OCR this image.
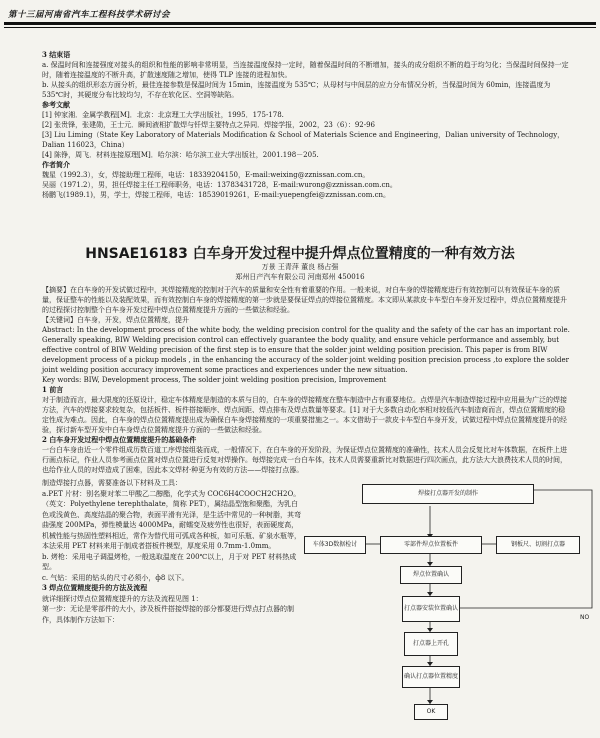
第十三届河南省汽车工程科技学术研讨会

3 结束语

a. 保温时间和连接强度对接头的组织和性能的影响非常明显，当连接温度保持一定时，随着保温时间的不断增加，接头的成分组织不断的趋于均匀化；当保温时间保持一定时，随着连接温度的不断升高，扩散速度随之增加，使得 TLP 连接的进程加快。

b. 从接头的组织形态方面分析，最佳连接参数是保温时间为 15min，连接温度为 535℃；从母材与中间层的应力分布情况分析，当保温时间为 60min，连接温度为 535℃时，其硬度分布比较均匀，不存在软化区、空洞等缺陷。

参考文献

[1] 钟家湘．金属学教程[M]．北京：北京理工大学出版社，1995．175-178.

[2] 张贵锋，张建勋，王士元．瞬间液相扩散焊与钎焊主要特点之异同．焊接学报，2002，23（6）：92-96

[3] Liu Liming（State Key Laboratory of Materials Modification & School of Materials Science and Engineering，Dalian university of Technology，Dalian 116023，China）

[4] 陈铮，周飞．材料连接原理[M]．哈尔滨：哈尔滨工业大学出版社，2001.198－205.

作者简介

魏星（1992.3），女，焊接助理工程师，电话：18339204150，E-mail:weixing@zznissan.com.cn。

吴丽（1971.2），男，担任焊接主任工程师职务，电话：13783431728，E-mail:wurong@zznissan.com.cn。

杨鹏飞(1989.1)，男，学士，焊接工程师，电话：18539019261，E-mail:yuepengfei@zznissan.com.cn。

HNSAE16183 白车身开发过程中提升焊点位置精度的一种有效方法
万景 王青萍 董良 杨占强
郑州日产汽车有限公司 河南郑州 450016

【摘要】在白车身的开发试做过程中，其焊接精度的控制对于汽车的质量和安全性有着重要的作用。一般来说，对白车身的焊接精度进行有效控制可以有效保证车身的质量，保证整车的性能以及装配效果，而有效控制白车身的焊接精度的第一步就是要保证焊点的焊接位置精度。本文即从某款皮卡车型白车身开发过程中，焊点位置精度提升的过程探讨控制整个白车身开发过程中焊点位置精度提升方面的一些做法和经验。

【关键词】白车身，开发，焊点位置精度，提升

Abstract: In the development process of the white body, the welding precision control for the quality and the safety of the car has an important role. Generally speaking, BIW Welding precision control can effectively guarantee the body quality, and ensure vehicle performance and assembly, but effective control of BIW Welding precision of the first step is to ensure that the solder joint welding position precision. This paper is from BIW development process of a pickup models , in the enhancing the accuracy of the solder joint welding position precision process ,to explore the solder joint welding position accuracy improvement some practices and experiences under the new situation.

Key words: BIW, Development process, The solder joint welding position precision, Improvement

1 前言

对于制造而言，最大限度的还原设计，稳定车体精度是制造的本质与目的，白车身的焊接精度在整车制造中占有重要地位。点焊是汽车制造焊接过程中应用最为广泛的焊接方法，汽车的焊接要求较复杂，包括板件、板件搭接顺序、焊点间距、焊点排布及焊点数量等要求。[1] 对于大多数自动化率相对较低汽车制造商而言，焊点位置精度的稳定性成为难点。因此，白车身的焊点位置精度提出成为确保白车身焊接精度的一项重要措施之一。本文借助于一款皮卡车型白车身开发，试做过程中焊点位置精度提升的经验，探讨新车型开发中白车身焊点位置精度提升方面的一些做法和经验。

2 白车身开发过程中焊点位置精度提升的基础条件

一台白车身由近一个零件组成历数百道工序焊接组装而成，一般情况下，在白车身的开发阶段，为保证焊点位置精度的准确性，技术人员会反复比对车体数据，在板件上进行画点标记，作业人员参考画点位置对焊点位置进行反复对焊操作。每焊接完成一台白车体，技术人员需要重新比对数据进行四次画点，此方法大大浪费技术人员的时间，也给作业人员的对焊造成了困难，因此本文焊材·种更为有效的方法——焊接打点器。

制造焊接打点器，需要准备以下材料及工具：

a.PET 片材：别名聚对苯二甲酸乙二醇酯，化学式为 COC6H4COOCH2CH2O。（英文：Polyethylene terephthalate，简称 PET），属结晶型饱和聚酯，为乳白色或浅黄色、高度结晶的聚合物，表面平滑有光泽，是生活中常见的一种树脂，其弯曲强度 200MPa，弹性模量达 4000MPa，耐蠕变及疲劳性也很好，表面硬度高，机械性能与热固性塑料相近，常作为替代用可弧成各种板，如可乐瓶、矿泉水瓶等，本法采用 PET 材料来用于制成者搭板件模型，厚度采用 0.7mm-1.0mm。

b. 烤枪：采用电子调温烤枪，一般选取温度在 200℃以上，月于对 PET 材料热成型。

c. 气钻：采用的钻头的尺寸必须小，ф8 以下。

3 焊点位置精度提升的方法及流程

就详细探讨焊点位置精度提升的方法及流程见图 1：

第一步：无论是零部件的大小，涉及板件搭接焊接的部分都要进行焊点打点器的制作，具体制作方法如下：

焊接打点器开发的制作
车体3D数据检讨	零部件焊点位置板件	钢板尺、切割打点器
焊点位置确认
打点器安装位置确认
打点器上开孔
确认打点器位置精度
OK
NO
